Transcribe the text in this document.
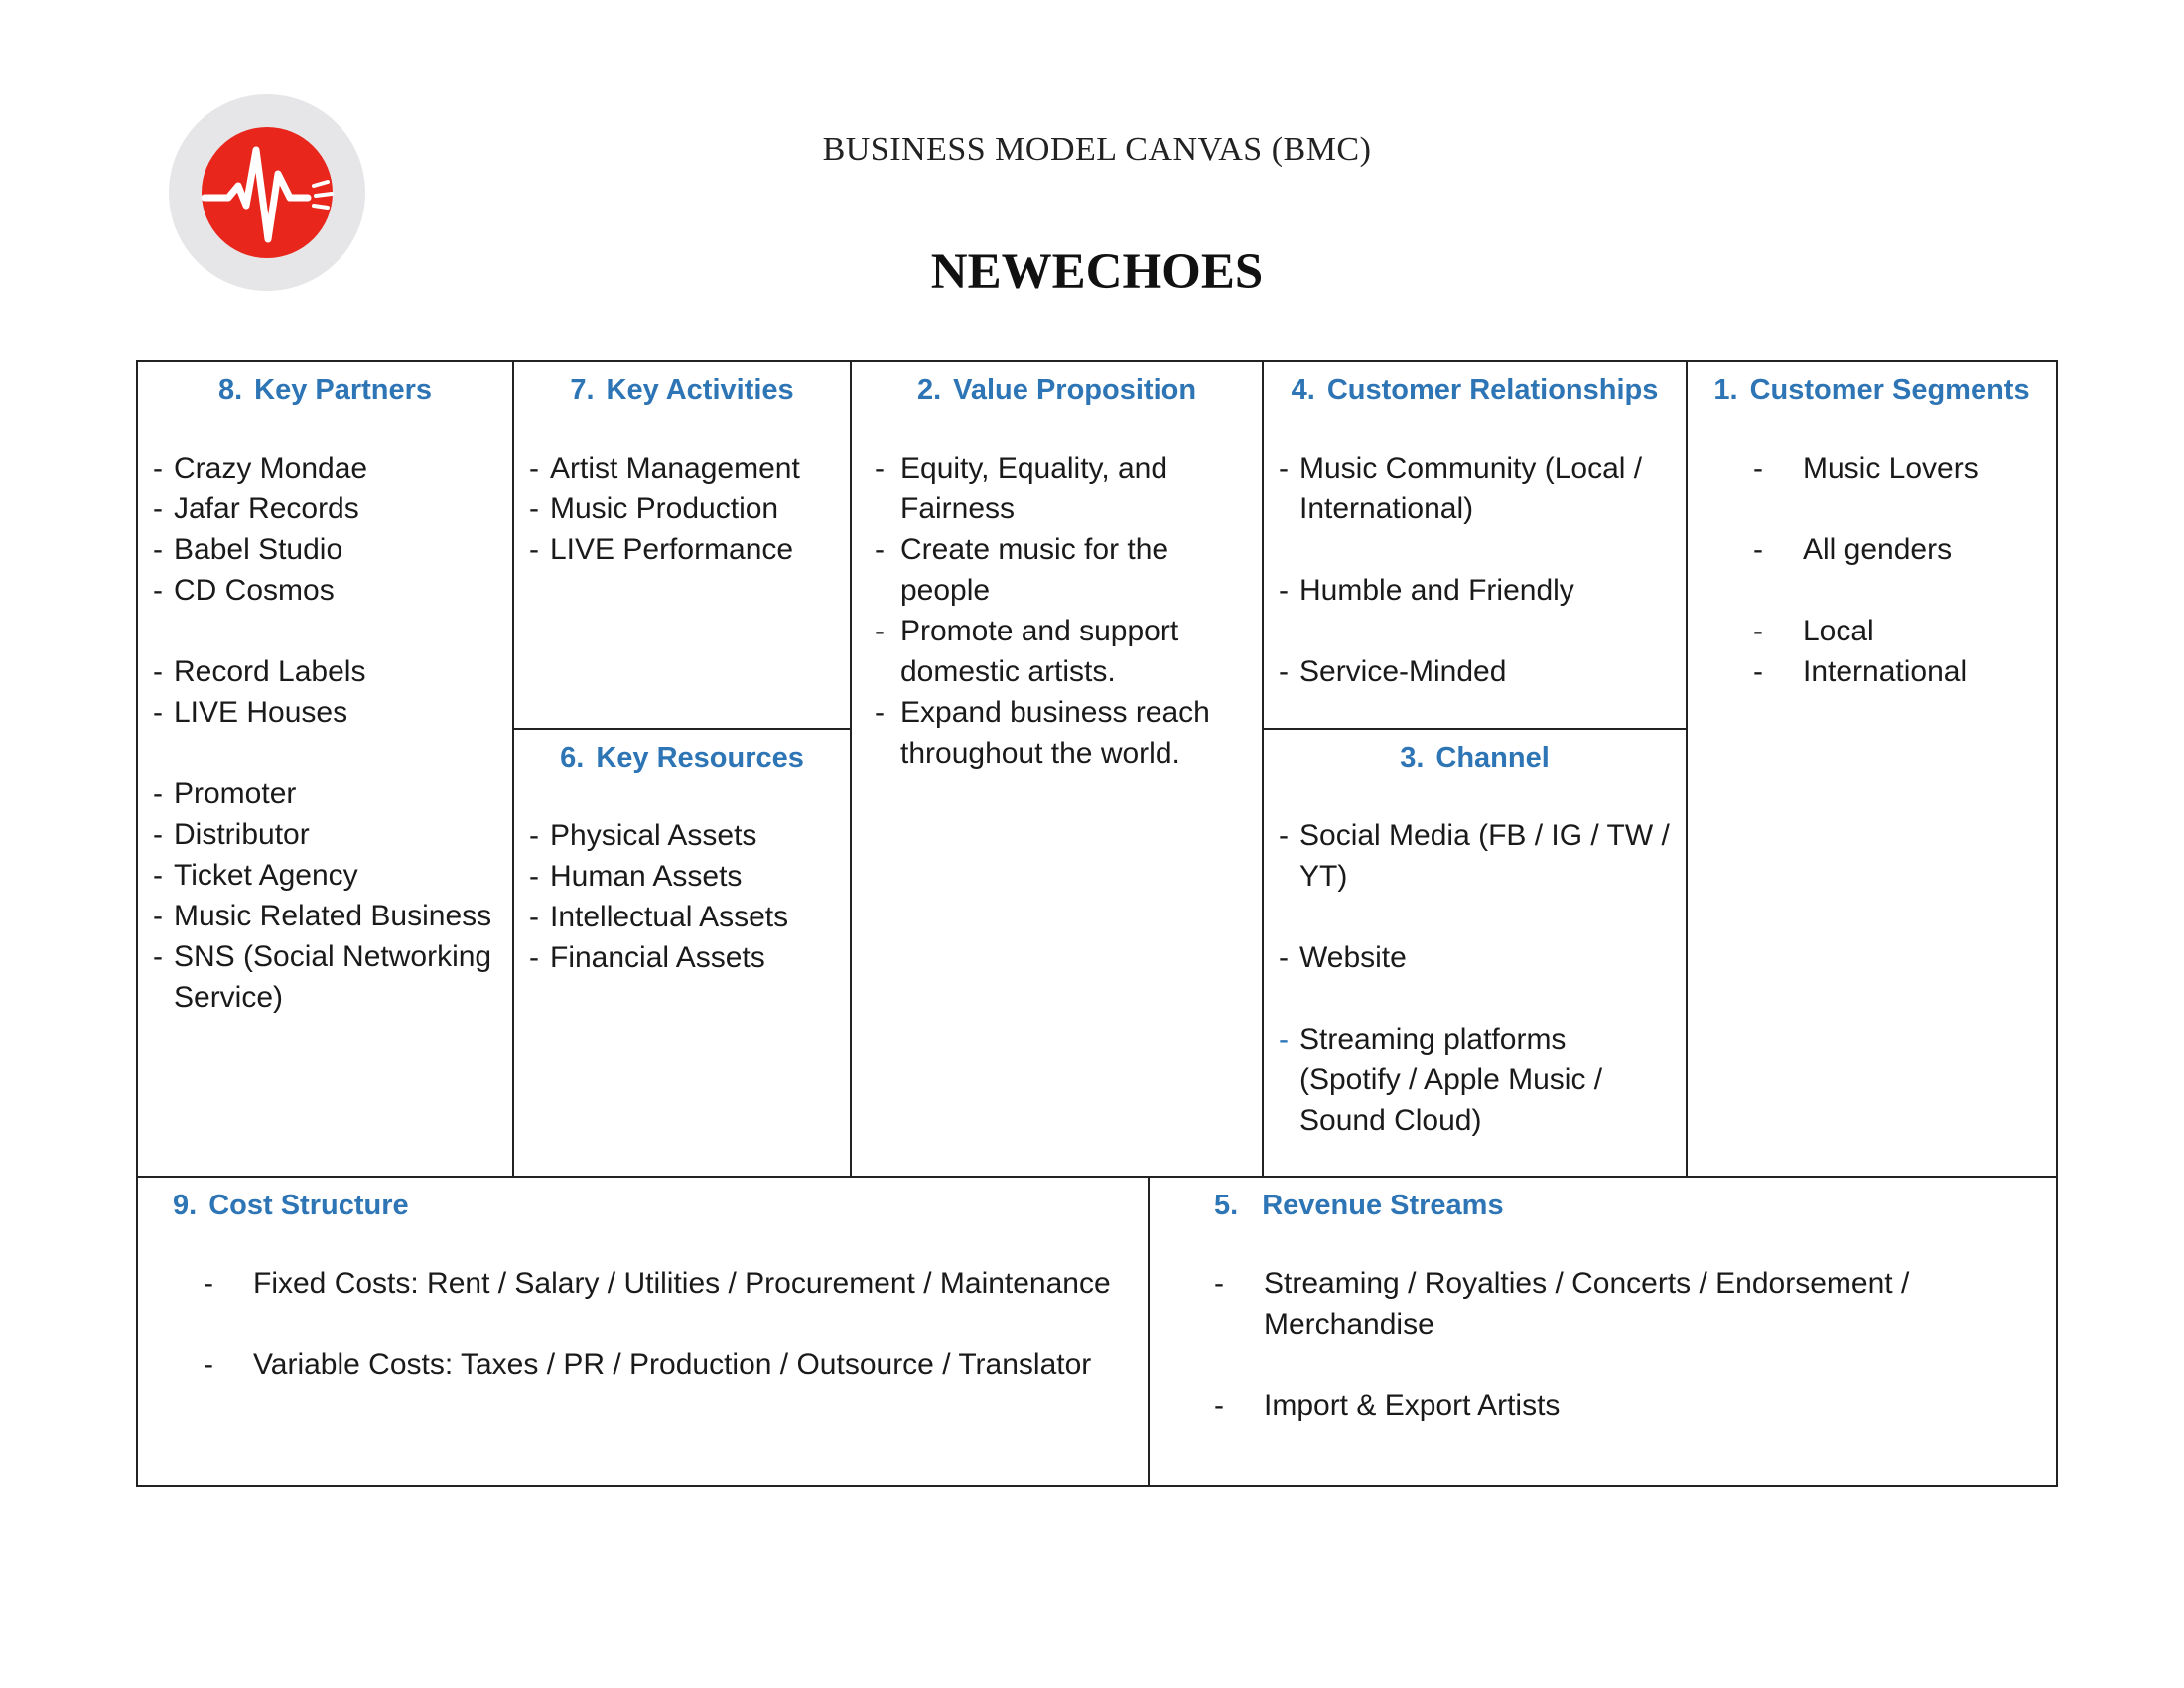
BUSINESS MODEL CANVAS (BMC)
NEWECHOES
8. Key Partners
- Crazy Mondae
- Jafar Records
- Babel Studio
- CD Cosmos
- Record Labels
- LIVE Houses
- Promoter
- Distributor
- Ticket Agency
- Music Related Business
- SNS (Social Networking Service)
7. Key Activities
- Artist Management
- Music Production
- LIVE Performance
6. Key Resources
- Physical Assets
- Human Assets
- Intellectual Assets
- Financial Assets
2. Value Proposition
- Equity, Equality, and Fairness
- Create music for the people
- Promote and support domestic artists.
- Expand business reach throughout the world.
4. Customer Relationships
- Music Community (Local / International)
- Humble and Friendly
- Service-Minded
3. Channel
- Social Media (FB / IG / TW / YT)
- Website
- Streaming platforms (Spotify / Apple Music / Sound Cloud)
1. Customer Segments
- Music Lovers
- All genders
- Local
- International
9. Cost Structure
- Fixed Costs: Rent / Salary / Utilities / Procurement / Maintenance
- Variable Costs: Taxes / PR / Production / Outsource / Translator
5. Revenue Streams
- Streaming / Royalties / Concerts / Endorsement / Merchandise
- Import & Export Artists
